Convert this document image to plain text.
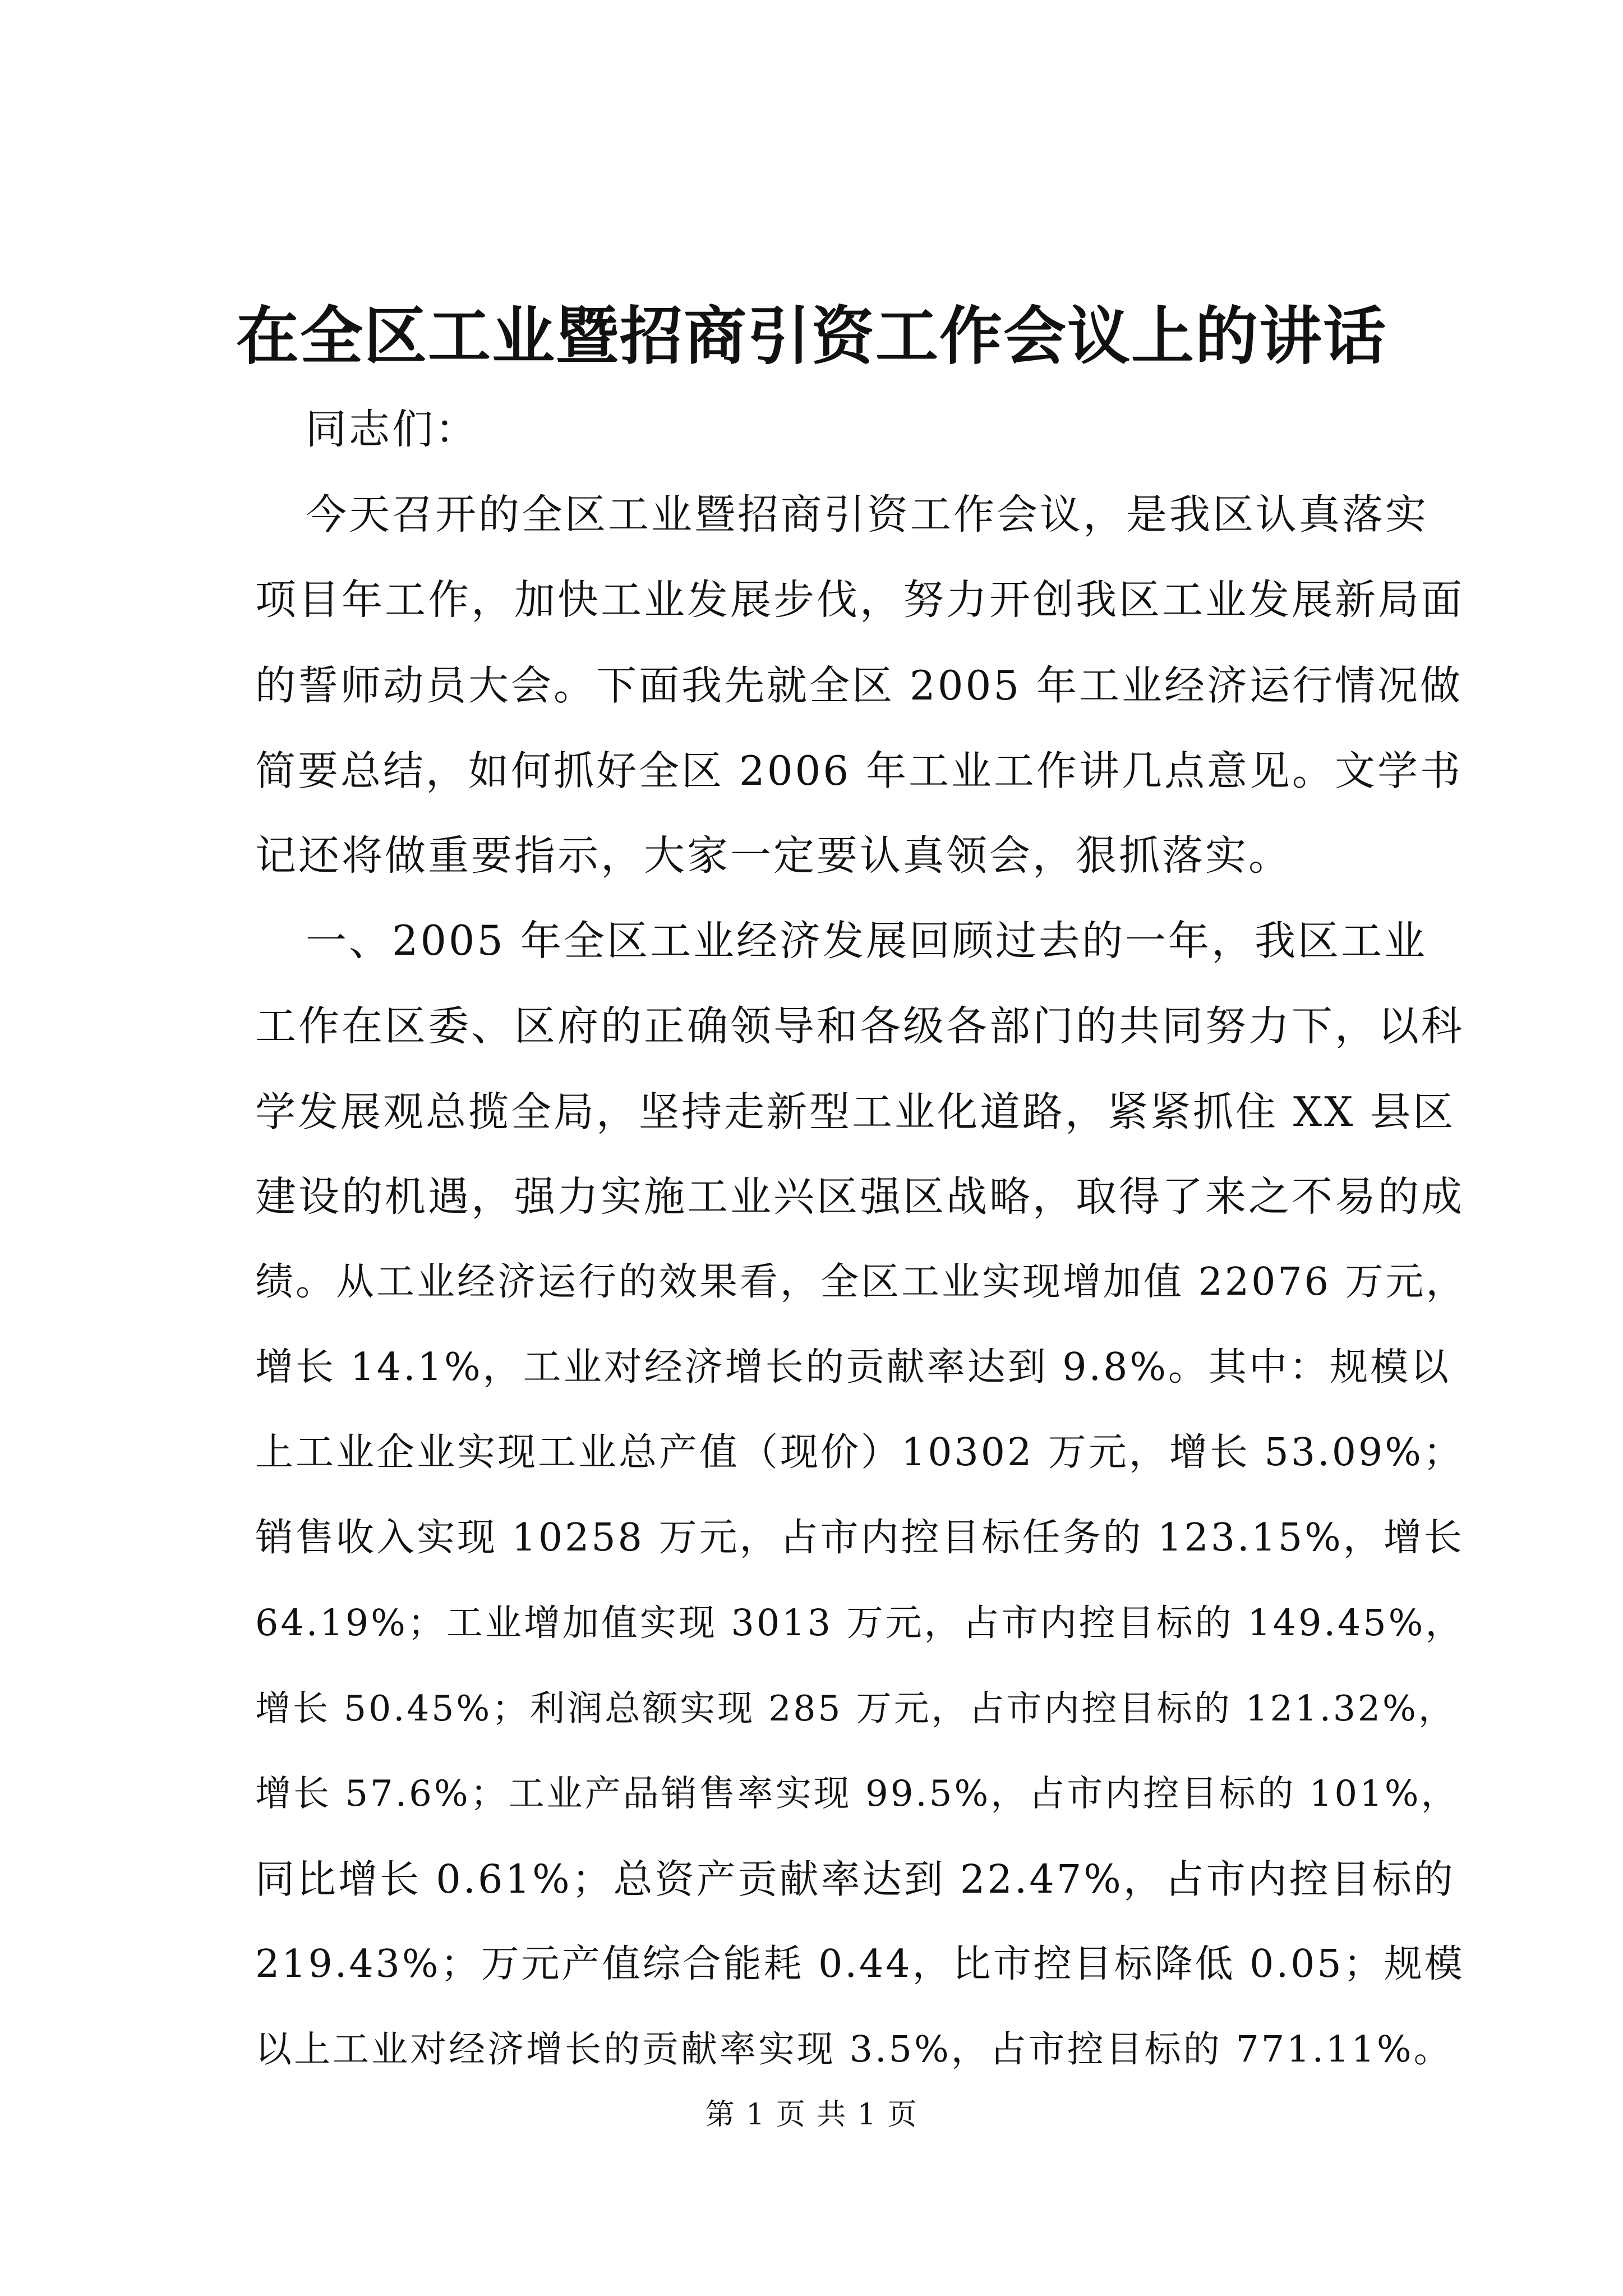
在全区工业暨招商引资工作会议上的讲话
同志们：
今天召开的全区工业暨招商引资工作会议，是我区认真落实
项目年工作，加快工业发展步伐，努力开创我区工业发展新局面
的誓师动员大会。下面我先就全区 2005 年工业经济运行情况做
简要总结，如何抓好全区 2006 年工业工作讲几点意见。文学书
记还将做重要指示，大家一定要认真领会，狠抓落实。
一、2005 年全区工业经济发展回顾过去的一年，我区工业
工作在区委、区府的正确领导和各级各部门的共同努力下，以科
学发展观总揽全局，坚持走新型工业化道路，紧紧抓住 XX 县区
建设的机遇，强力实施工业兴区强区战略，取得了来之不易的成
绩。从工业经济运行的效果看，全区工业实现增加值 22076 万元，
增长 14.1%，工业对经济增长的贡献率达到 9.8%。其中：规模以
上工业企业实现工业总产值（现价）10302 万元，增长 53.09%；
销售收入实现 10258 万元，占市内控目标任务的 123.15%，增长
64.19%；工业增加值实现 3013 万元，占市内控目标的 149.45%，
增长 50.45%；利润总额实现 285 万元，占市内控目标的 121.32%，
增长 57.6%；工业产品销售率实现 99.5%，占市内控目标的 101%，
同比增长 0.61%；总资产贡献率达到 22.47%，占市内控目标的
219.43%；万元产值综合能耗 0.44，比市控目标降低 0.05；规模
以上工业对经济增长的贡献率实现 3.5%，占市控目标的 771.11%。
第 1 页 共 1 页
